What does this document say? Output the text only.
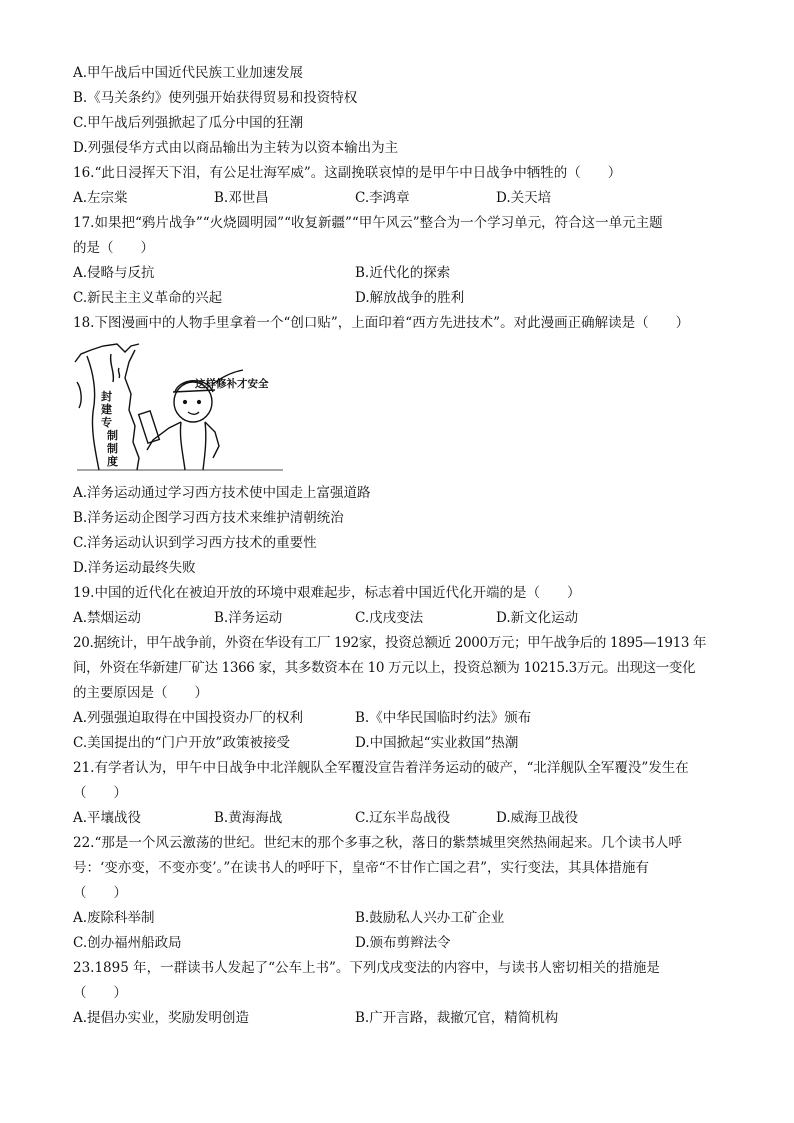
A.甲午战后中国近代民族工业加速发展
B.《马关条约》使列强开始获得贸易和投资特权
C.甲午战后列强掀起了瓜分中国的狂潮
D.列强侵华方式由以商品输出为主转为以资本输出为主
16.“此日浸挥天下泪，有公足壮海军威”。这副挽联哀悼的是甲午中日战争中牺牲的（　　）
A.左宗棠	B.邓世昌	C.李鸿章	D.关天培
17.如果把“鸦片战争”“火烧圆明园”“收复新疆”“甲午风云”整合为一个学习单元，符合这一单元主题
的是（　　）
A.侵略与反抗	B.近代化的探索
C.新民主主义革命的兴起	D.解放战争的胜利
18.下图漫画中的人物手里拿着一个“创口贴”，上面印着“西方先进技术”。对此漫画正确解读是（　　）
这样修补才安全
封
建
专
制
制
度
A.洋务运动通过学习西方技术使中国走上富强道路
B.洋务运动企图学习西方技术来维护清朝统治
C.洋务运动认识到学习西方技术的重要性
D.洋务运动最终失败
19.中国的近代化在被迫开放的环境中艰难起步，标志着中国近代化开端的是（　　）
A.禁烟运动	B.洋务运动	C.戊戌变法	D.新文化运动
20.据统计，甲午战争前，外资在华设有工厂 192家，投资总额近 2000万元；甲午战争后的 1895—1913 年
间，外资在华新建厂矿达 1366 家，其多数资本在 10 万元以上，投资总额为 10215.3万元。出现这一变化
的主要原因是（　　）
A.列强强迫取得在中国投资办厂的权利	B.《中华民国临时约法》颁布
C.美国提出的“门户开放”政策被接受	D.中国掀起“实业救国”热潮
21.有学者认为，甲午中日战争中北洋舰队全军覆没宣告着洋务运动的破产，“北洋舰队全军覆没”发生在
（　　）
A.平壤战役	B.黄海海战	C.辽东半岛战役	D.威海卫战役
22.“那是一个风云激荡的世纪。世纪末的那个多事之秋，落日的紫禁城里突然热闹起来。几个读书人呼
号：‘变亦变，不变亦变’。”在读书人的呼吁下，皇帝“不甘作亡国之君”，实行变法，其具体措施有
（　　）
A.废除科举制	B.鼓励私人兴办工矿企业
C.创办福州船政局	D.颁布剪辫法令
23.1895 年，一群读书人发起了“公车上书”。下列戊戌变法的内容中，与读书人密切相关的措施是
（　　）
A.提倡办实业，奖励发明创造	B.广开言路，裁撤冗官，精简机构
